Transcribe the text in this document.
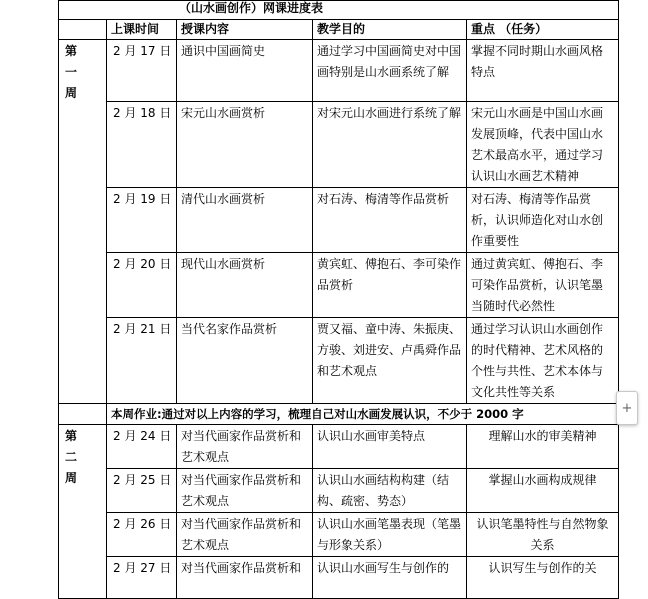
（山水画创作）网课进度表				
	上课时间	授课内容	教学目的	重点 （任务）

第
一
周	2 月 17 日	通识中国画简史	通过学习中国画简史对中国画特别是山水画系统了解	掌握不同时期山水画风格特点
	2 月 18 日	宋元山水画赏析	对宋元山水画进行系统了解	宋元山水画是中国山水画发展顶峰，代表中国山水艺术最高水平，通过学习认识山水画艺术精神
	2 月 19 日	清代山水画赏析	对石涛、梅清等作品赏析	对石涛、梅清等作品赏析，认识师造化对山水创作重要性
	2 月 20 日	现代山水画赏析	黄宾虹、傅抱石、李可染作品赏析	通过黄宾虹、傅抱石、李可染作品赏析，认识笔墨当随时代必然性
	2 月 21 日	当代名家作品赏析	贾又福、童中涛、朱振庚、方骏、刘进安、卢禹舜作品和艺术观点	通过学习认识山水画创作的时代精神、艺术风格的个性与共性、艺术本体与文化共性等关系
	本周作业:通过对以上内容的学习，梳理自己对山水画发展认识，不少于 2000 字			

第
二
周	2 月 24 日	对当代画家作品赏析和艺术观点	认识山水画审美特点	理解山水的审美精神
	2 月 25 日	对当代画家作品赏析和艺术观点	认识山水画结构构建（结构、疏密、势态）	掌握山水画构成规律
	2 月 26 日	对当代画家作品赏析和艺术观点	认识山水画笔墨表现（笔墨与形象关系）	认识笔墨特性与自然物象关系
	2 月 27 日	对当代画家作品赏析和	认识山水画写生与创作的	认识写生与创作的关
+
